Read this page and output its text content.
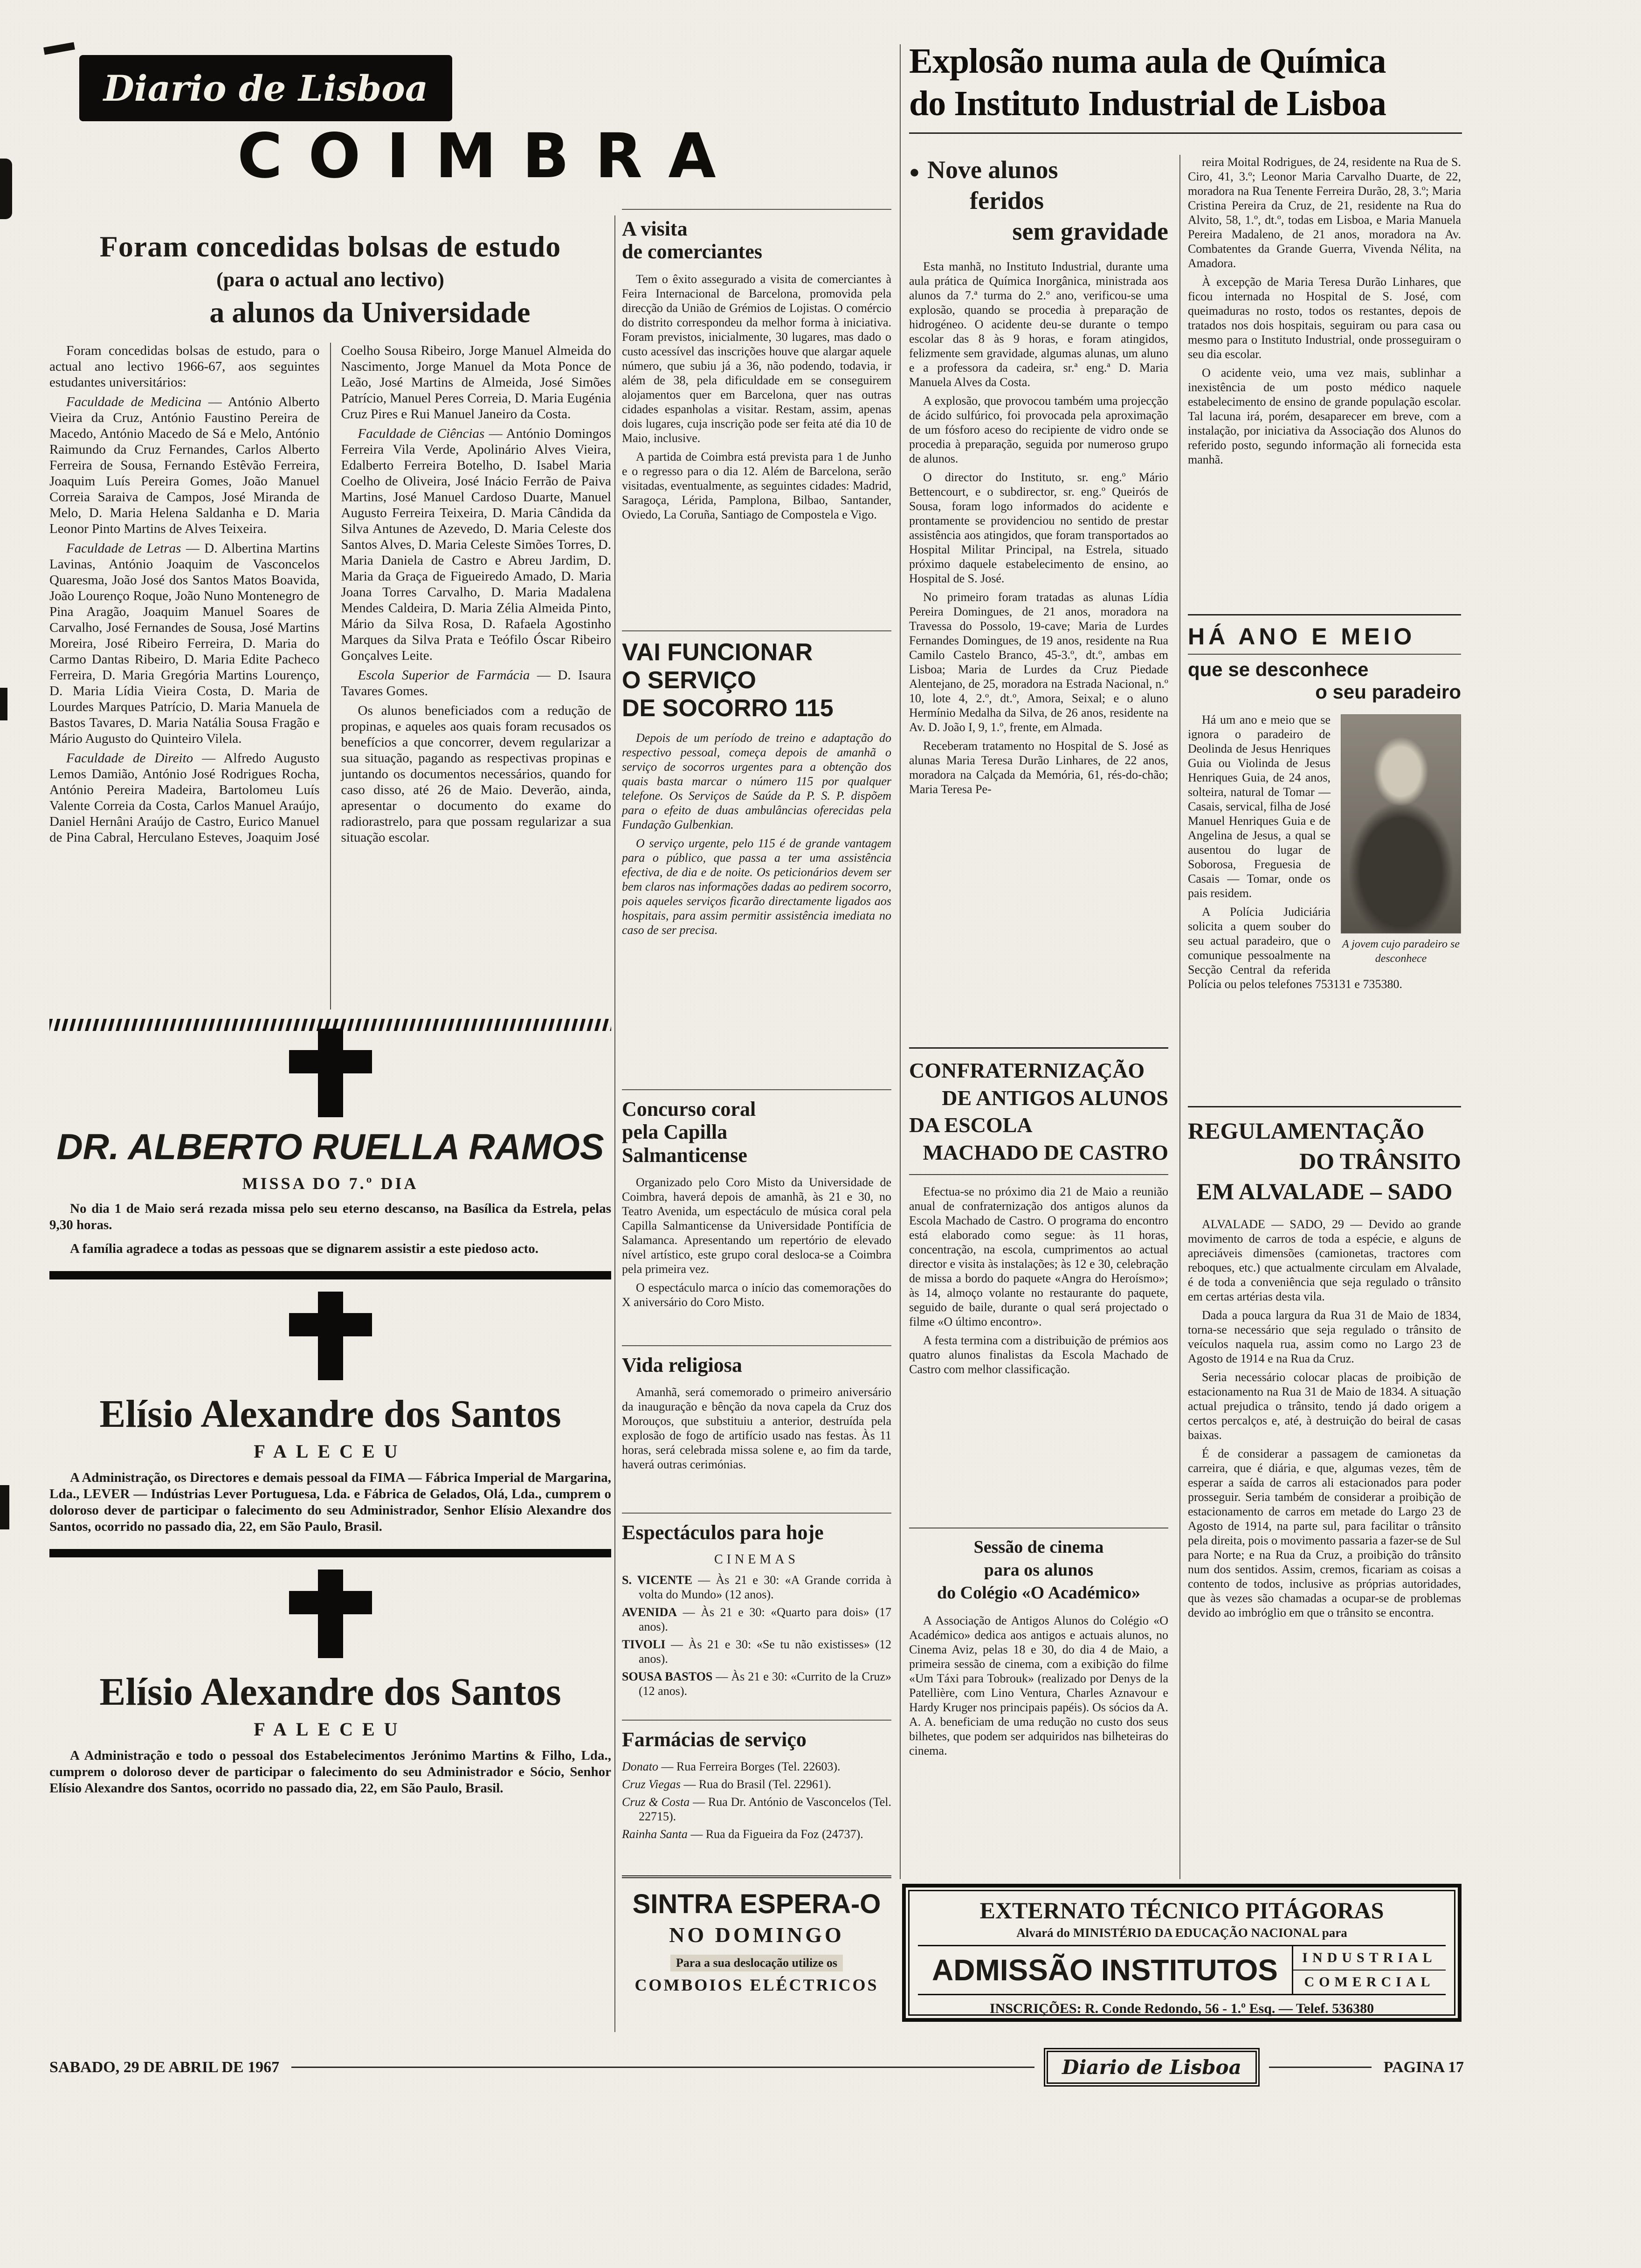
Diario de Lisboa
COIMBRA
Foram concedidas bolsas de estudo
(para o actual ano lectivo)
a alunos da Universidade

Foram concedidas bolsas de estudo, para o actual ano lectivo 1966-67, aos seguintes estudantes universitários:

Faculdade de Medicina — António Alberto Vieira da Cruz, António Faustino Pereira de Macedo, António Macedo de Sá e Melo, António Raimundo da Cruz Fernandes, Carlos Alberto Ferreira de Sousa, Fernando Estêvão Ferreira, Joaquim Luís Pereira Gomes, João Manuel Correia Saraiva de Campos, José Miranda de Melo, D. Maria Helena Saldanha e D. Maria Leonor Pinto Martins de Alves Teixeira.

Faculdade de Letras — D. Albertina Martins Lavinas, António Joaquim de Vasconcelos Quaresma, João José dos Santos Matos Boavida, João Lourenço Roque, João Nuno Montenegro de Pina Aragão, Joaquim Manuel Soares de Carvalho, José Fernandes de Sousa, José Martins Moreira, José Ribeiro Ferreira, D. Maria do Carmo Dantas Ribeiro, D. Maria Edite Pacheco Ferreira, D. Maria Gregória Martins Lourenço, D. Maria Lídia Vieira Costa, D. Maria de Lourdes Marques Patrício, D. Maria Manuela de Bastos Tavares, D. Maria Natália Sousa Fragão e Mário Augusto do Quinteiro Vilela.

Faculdade de Direito — Alfredo Augusto Lemos Damião, António José Rodrigues Rocha, António Pereira Madeira, Bartolomeu Luís Valente Correia da Costa, Carlos Manuel Araújo, Daniel Hernâni Araújo de Castro, Eurico Manuel de Pina Cabral, Herculano Esteves, Joaquim José Coelho Sousa Ribeiro, Jorge Manuel Almeida do Nascimento, Jorge Manuel da Mota Ponce de Leão, José Martins de Almeida, José Simões Patrício, Manuel Peres Correia, D. Maria Eugénia Cruz Pires e Rui Manuel Janeiro da Costa.

Faculdade de Ciências — António Domingos Ferreira Vila Verde, Apolinário Alves Vieira, Edalberto Ferreira Botelho, D. Isabel Maria Coelho de Oliveira, José Inácio Ferrão de Paiva Martins, José Manuel Cardoso Duarte, Manuel Augusto Ferreira Teixeira, D. Maria Cândida da Silva Antunes de Azevedo, D. Maria Celeste dos Santos Alves, D. Maria Celeste Simões Torres, D. Maria Daniela de Castro e Abreu Jardim, D. Maria da Graça de Figueiredo Amado, D. Maria Joana Torres Carvalho, D. Maria Madalena Mendes Caldeira, D. Maria Zélia Almeida Pinto, Mário da Silva Rosa, D. Rafaela Agostinho Marques da Silva Prata e Teófilo Óscar Ribeiro Gonçalves Leite.

Escola Superior de Farmácia — D. Isaura Tavares Gomes.

Os alunos beneficiados com a redução de propinas, e aqueles aos quais foram recusados os benefícios a que concorrer, devem regularizar a sua situação, pagando as respectivas propinas e juntando os documentos necessários, quando for caso disso, até 26 de Maio. Deverão, ainda, apresentar o documento do exame do radiorastrelo, para que possam regularizar a sua situação escolar.

DR. ALBERTO RUELLA RAMOS
MISSA DO 7.º DIA

No dia 1 de Maio será rezada missa pelo seu eterno descanso, na Basílica da Estrela, pelas 9,30 horas.

A família agradece a todas as pessoas que se dignarem assistir a este piedoso acto.

Elísio Alexandre dos Santos
FALECEU

A Administração, os Directores e demais pessoal da FIMA — Fábrica Imperial de Margarina, Lda., LEVER — Indústrias Lever Portuguesa, Lda. e Fábrica de Gelados, Olá, Lda., cumprem o doloroso dever de participar o falecimento do seu Administrador, Senhor Elísio Alexandre dos Santos, ocorrido no passado dia, 22, em São Paulo, Brasil.

Elísio Alexandre dos Santos
FALECEU

A Administração e todo o pessoal dos Estabelecimentos Jerónimo Martins & Filho, Lda., cumprem o doloroso dever de participar o falecimento do seu Administrador e Sócio, Senhor Elísio Alexandre dos Santos, ocorrido no passado dia, 22, em São Paulo, Brasil.

A visita
de comerciantes

Tem o êxito assegurado a visita de comerciantes à Feira Internacional de Barcelona, promovida pela direcção da União de Grémios de Lojistas. O comércio do distrito correspondeu da melhor forma à iniciativa. Foram previstos, inicialmente, 30 lugares, mas dado o custo acessível das inscrições houve que alargar aquele número, que subiu já a 36, não podendo, todavia, ir além de 38, pela dificuldade em se conseguirem alojamentos quer em Barcelona, quer nas outras cidades espanholas a visitar. Restam, assim, apenas dois lugares, cuja inscrição pode ser feita até dia 10 de Maio, inclusive.

A partida de Coimbra está prevista para 1 de Junho e o regresso para o dia 12. Além de Barcelona, serão visitadas, eventualmente, as seguintes cidades: Madrid, Saragoça, Lérida, Pamplona, Bilbao, Santander, Oviedo, La Coruña, Santiago de Compostela e Vigo.

VAI FUNCIONAR
O SERVIÇO
DE SOCORRO 115

Depois de um período de treino e adaptação do respectivo pessoal, começa depois de amanhã o serviço de socorros urgentes para a obtenção dos quais basta marcar o número 115 por qualquer telefone. Os Serviços de Saúde da P. S. P. dispõem para o efeito de duas ambulâncias oferecidas pela Fundação Gulbenkian.

O serviço urgente, pelo 115 é de grande vantagem para o público, que passa a ter uma assistência efectiva, de dia e de noite. Os peticionários devem ser bem claros nas informações dadas ao pedirem socorro, pois aqueles serviços ficarão directamente ligados aos hospitais, para assim permitir assistência imediata no caso de ser precisa.

Concurso coral
pela Capilla
Salmanticense

Organizado pelo Coro Misto da Universidade de Coimbra, haverá depois de amanhã, às 21 e 30, no Teatro Avenida, um espectáculo de música coral pela Capilla Salmanticense da Universidade Pontifícia de Salamanca. Apresentando um repertório de elevado nível artístico, este grupo coral desloca-se a Coimbra pela primeira vez.

O espectáculo marca o início das comemorações do X aniversário do Coro Misto.

Vida religiosa

Amanhã, será comemorado o primeiro aniversário da inauguração e bênção da nova capela da Cruz dos Morouços, que substituiu a anterior, destruída pela explosão de fogo de artifício usado nas festas. Às 11 horas, será celebrada missa solene e, ao fim da tarde, haverá outras cerimónias.

Espectáculos para hoje
CINEMAS

S. VICENTE — Às 21 e 30: «A Grande corrida à volta do Mundo» (12 anos).

AVENIDA — Às 21 e 30: «Quarto para dois» (17 anos).

TIVOLI — Às 21 e 30: «Se tu não existisses» (12 anos).

SOUSA BASTOS — Às 21 e 30: «Currito de la Cruz» (12 anos).

Farmácias de serviço

Donato — Rua Ferreira Borges (Tel. 22603).

Cruz Viegas — Rua do Brasil (Tel. 22961).

Cruz & Costa — Rua Dr. António de Vasconcelos (Tel. 22715).

Rainha Santa — Rua da Figueira da Foz (24737).

SINTRA ESPERA-O
NO DOMINGO
Para a sua deslocação utilize os
COMBOIOS ELÉCTRICOS
Explosão numa aula de Química
do Instituto Industrial de Lisboa
● Nove alunos
feridos
sem gravidade

Esta manhã, no Instituto Industrial, durante uma aula prática de Química Inorgânica, ministrada aos alunos da 7.ª turma do 2.º ano, verificou-se uma explosão, quando se procedia à preparação de hidrogéneo. O acidente deu-se durante o tempo escolar das 8 às 9 horas, e foram atingidos, felizmente sem gravidade, algumas alunas, um aluno e a professora da cadeira, sr.ª eng.ª D. Maria Manuela Alves da Costa.

A explosão, que provocou também uma projecção de ácido sulfúrico, foi provocada pela aproximação de um fósforo aceso do recipiente de vidro onde se procedia à preparação, seguida por numeroso grupo de alunos.

O director do Instituto, sr. eng.º Mário Bettencourt, e o subdirector, sr. eng.º Queirós de Sousa, foram logo informados do acidente e prontamente se providenciou no sentido de prestar assistência aos atingidos, que foram transportados ao Hospital Militar Principal, na Estrela, situado próximo daquele estabelecimento de ensino, ao Hospital de S. José.

No primeiro foram tratadas as alunas Lídia Pereira Domingues, de 21 anos, moradora na Travessa do Possolo, 19-cave; Maria de Lurdes Fernandes Domingues, de 19 anos, residente na Rua Camilo Castelo Branco, 45-3.º, dt.º, ambas em Lisboa; Maria de Lurdes da Cruz Piedade Alentejano, de 25, moradora na Estrada Nacional, n.º 10, lote 4, 2.º, dt.º, Amora, Seixal; e o aluno Hermínio Medalha da Silva, de 26 anos, residente na Av. D. João I, 9, 1.º, frente, em Almada.

Receberam tratamento no Hospital de S. José as alunas Maria Teresa Durão Linhares, de 22 anos, moradora na Calçada da Memória, 61, rés-do-chão; Maria Teresa Pe-

CONFRATERNIZAÇÃO
DE ANTIGOS ALUNOS
DA ESCOLA
MACHADO DE CASTRO

Efectua-se no próximo dia 21 de Maio a reunião anual de confraternização dos antigos alunos da Escola Machado de Castro. O programa do encontro está elaborado como segue: às 11 horas, concentração, na escola, cumprimentos ao actual director e visita às instalações; às 12 e 30, celebração de missa a bordo do paquete «Angra do Heroísmo»; às 14, almoço volante no restaurante do paquete, seguido de baile, durante o qual será projectado o filme «O último encontro».

A festa termina com a distribuição de prémios aos quatro alunos finalistas da Escola Machado de Castro com melhor classificação.

Sessão de cinema
para os alunos
do Colégio «O Académico»

A Associação de Antigos Alunos do Colégio «O Académico» dedica aos antigos e actuais alunos, no Cinema Aviz, pelas 18 e 30, do dia 4 de Maio, a primeira sessão de cinema, com a exibição do filme «Um Táxi para Tobrouk» (realizado por Denys de la Patellière, com Lino Ventura, Charles Aznavour e Hardy Kruger nos principais papéis). Os sócios da A. A. A. beneficiam de uma redução no custo dos seus bilhetes, que podem ser adquiridos nas bilheteiras do cinema.

reira Moital Rodrigues, de 24, residente na Rua de S. Ciro, 41, 3.º; Leonor Maria Carvalho Duarte, de 22, moradora na Rua Tenente Ferreira Durão, 28, 3.º; Maria Cristina Pereira da Cruz, de 21, residente na Rua do Alvito, 58, 1.º, dt.º, todas em Lisboa, e Maria Manuela Pereira Madaleno, de 21 anos, moradora na Av. Combatentes da Grande Guerra, Vivenda Nélita, na Amadora.

À excepção de Maria Teresa Durão Linhares, que ficou internada no Hospital de S. José, com queimaduras no rosto, todos os restantes, depois de tratados nos dois hospitais, seguiram ou para casa ou mesmo para o Instituto Industrial, onde prosseguiram o seu dia escolar.

O acidente veio, uma vez mais, sublinhar a inexistência de um posto médico naquele estabelecimento de ensino de grande população escolar. Tal lacuna irá, porém, desaparecer em breve, com a instalação, por iniciativa da Associação dos Alunos do referido posto, segundo informação ali fornecida esta manhã.

HÁ ANO E MEIO
que se desconhece
o seu paradeiro
A jovem cujo paradeiro se desconhece

Há um ano e meio que se ignora o paradeiro de Deolinda de Jesus Henriques Guia ou Violinda de Jesus Henriques Guia, de 24 anos, solteira, natural de Tomar — Casais, servical, filha de José Manuel Henriques Guia e de Angelina de Jesus, a qual se ausentou do lugar de Soborosa, Freguesia de Casais — Tomar, onde os pais residem.

A Polícia Judiciária solicita a quem souber do seu actual paradeiro, que o comunique pessoalmente na Secção Central da referida Polícia ou pelos telefones 753131 e 735380.

REGULAMENTAÇÃO
DO TRÂNSITO
EM ALVALADE – SADO

ALVALADE — SADO, 29 — Devido ao grande movimento de carros de toda a espécie, e alguns de apreciáveis dimensões (camionetas, tractores com reboques, etc.) que actualmente circulam em Alvalade, é de toda a conveniência que seja regulado o trânsito em certas artérias desta vila.

Dada a pouca largura da Rua 31 de Maio de 1834, torna-se necessário que seja regulado o trânsito de veículos naquela rua, assim como no Largo 23 de Agosto de 1914 e na Rua da Cruz.

Seria necessário colocar placas de proibição de estacionamento na Rua 31 de Maio de 1834. A situação actual prejudica o trânsito, tendo já dado origem a certos percalços e, até, à destruição do beiral de casas baixas.

É de considerar a passagem de camionetas da carreira, que é diária, e que, algumas vezes, têm de esperar a saída de carros ali estacionados para poder prosseguir. Seria também de considerar a proibição de estacionamento de carros em metade do Largo 23 de Agosto de 1914, na parte sul, para facilitar o trânsito pela direita, pois o movimento passaria a fazer-se de Sul para Norte; e na Rua da Cruz, a proibição do trânsito num dos sentidos. Assim, cremos, ficariam as coisas a contento de todos, inclusive as próprias autoridades, que às vezes são chamadas a ocupar-se de problemas devido ao imbróglio em que o trânsito se encontra.

EXTERNATO TÉCNICO PITÁGORAS
Alvará do MINISTÉRIO DA EDUCAÇÃO NACIONAL para
ADMISSÃO INSTITUTOS	INDUSTRIAL
COMERCIAL
INSCRIÇÕES: R. Conde Redondo, 56 - 1.º Esq. — Telef. 536380
SABADO, 29 DE ABRIL DE 1967	Diario de Lisboa	PAGINA 17
